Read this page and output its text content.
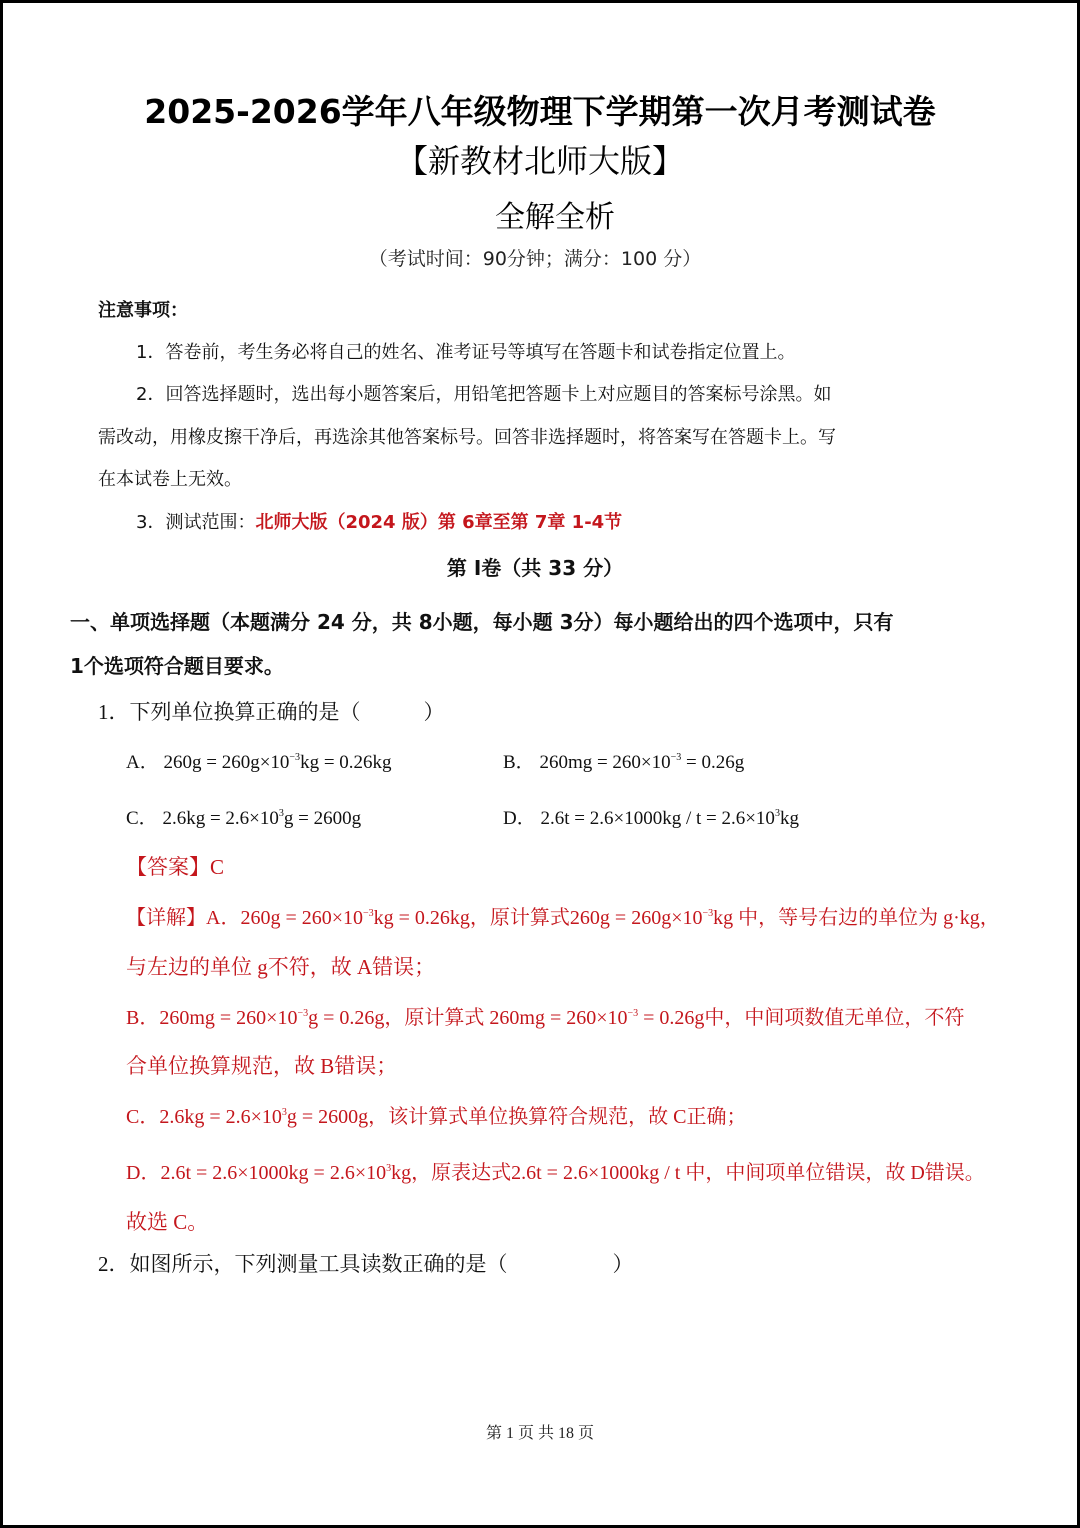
2025-2026学年八年级物理下学期第一次月考测试卷
【新教材北师大版】
全解全析
（考试时间：90分钟；满分：100 分）
注意事项：
1．答卷前，考生务必将自己的姓名、准考证号等填写在答题卡和试卷指定位置上。
2．回答选择题时，选出每小题答案后，用铅笔把答题卡上对应题目的答案标号涂黑。如
需改动，用橡皮擦干净后，再选涂其他答案标号。回答非选择题时，将答案写在答题卡上。写
在本试卷上无效。
3．测试范围：北师大版（2024 版）第 6章至第 7章 1-4节
第 Ⅰ卷（共 33 分）
一、单项选择题（本题满分 24 分，共 8小题，每小题 3分）每小题给出的四个选项中，只有
1个选项符合题目要求。
1．下列单位换算正确的是（　　　）
A． $260g = 260g\times 10^{-3}kg = 0.26kg$	B． $260mg = 260\times 10^{-3} = 0.26g$
C． $2.6kg = 2.6\times 10^3g = 2600g$	D． $2.6t = 2.6\times 1000kg / t = 2.6\times 10^3kg$
【答案】C
【详解】A．$260g = 260\times 10^{-3}kg = 0.26kg$，原计算式$260g = 260g\times 10^{-3}kg$ 中，等号右边的单位为 g·kg，
与左边的单位 g不符，故 A错误；
B．$260mg = 260\times 10^{-3}g = 0.26g$，原计算式 $260mg = 260\times 10^{-3} = 0.26g$中，中间项数值无单位，不符
合单位换算规范，故 B错误；
C．$2.6kg = 2.6\times 10^3g = 2600g$，该计算式单位换算符合规范，故 C正确；
D．$2.6t = 2.6\times 1000kg = 2.6\times 10^3kg$，原表达式2.6t = 2.6×1000kg / t 中，中间项单位错误，故 D错误。
故选 C。
2．如图所示，下列测量工具读数正确的是（　　　　　）
第 1 页 共 18 页
